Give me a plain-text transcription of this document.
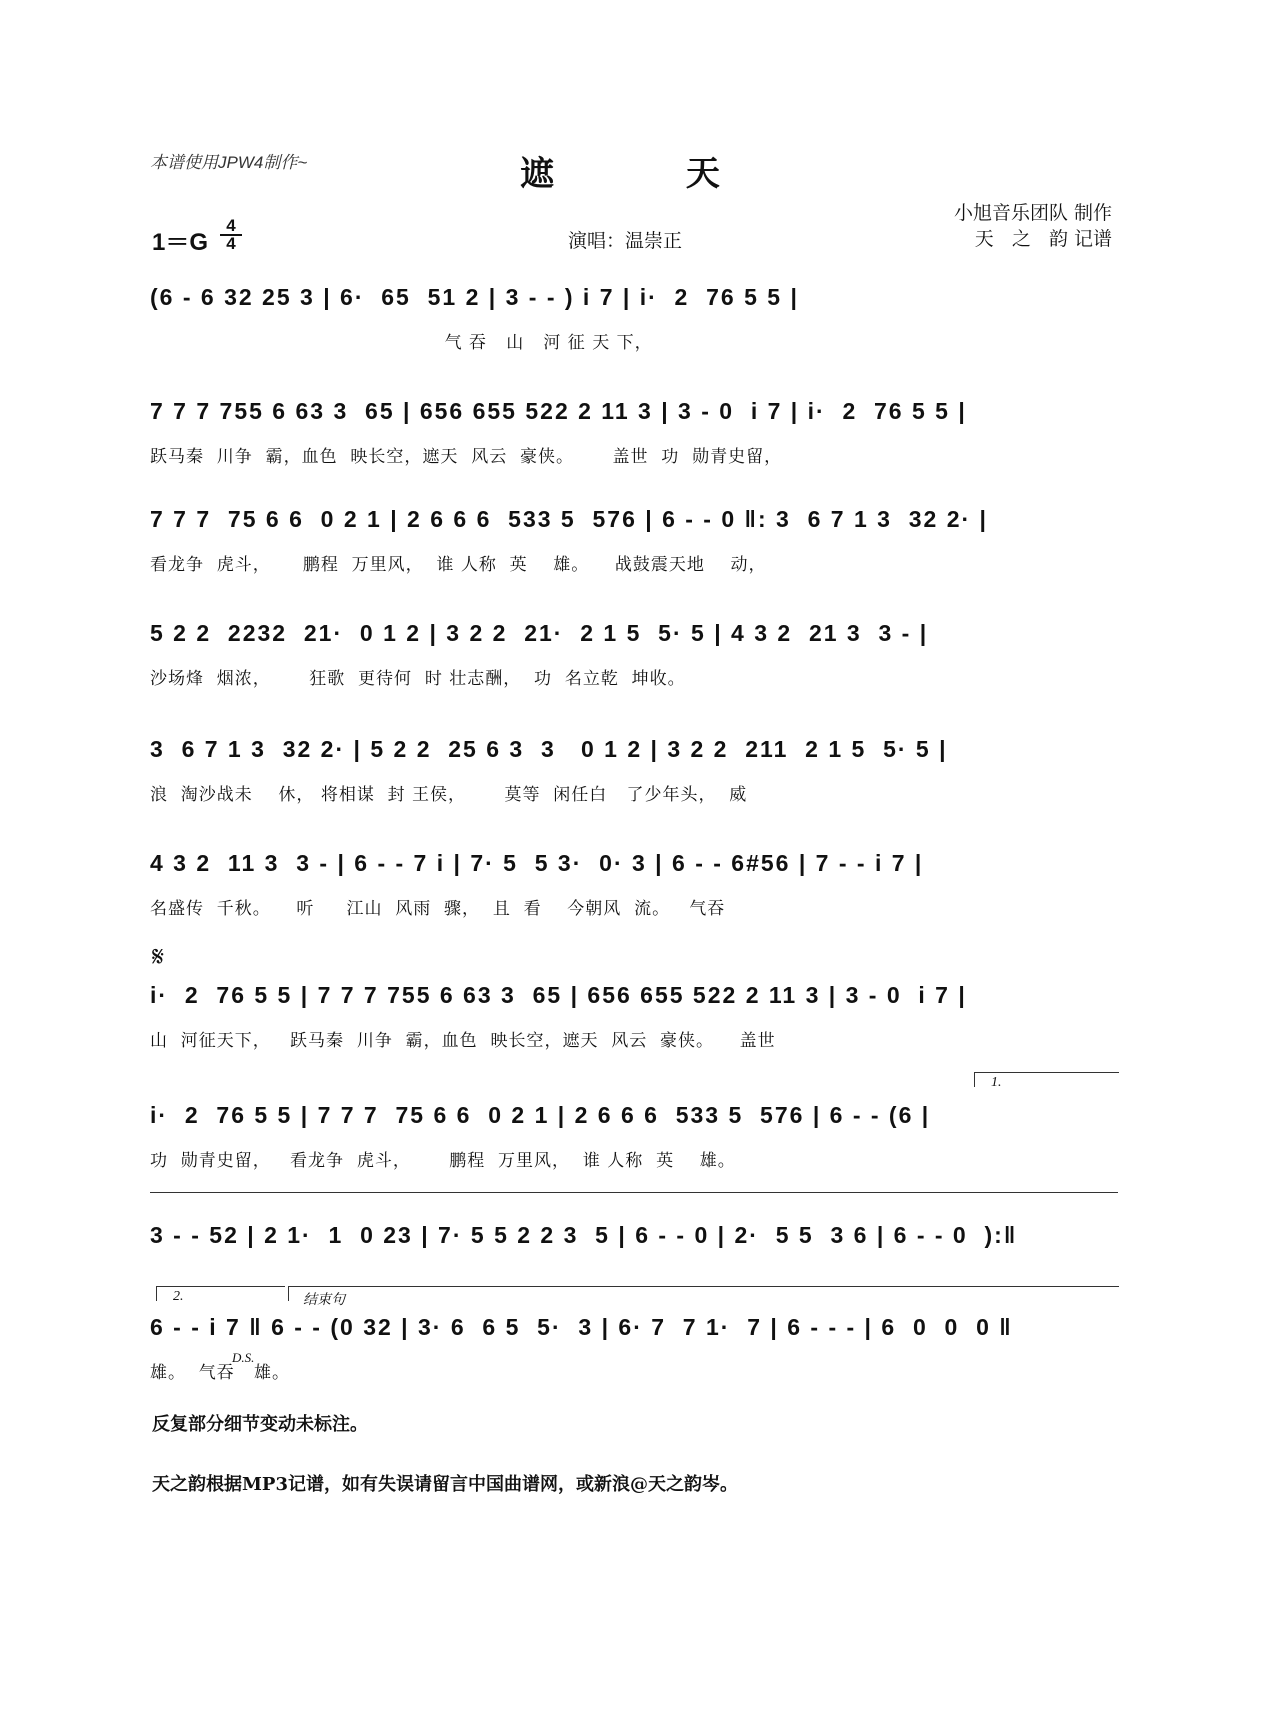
本谱使用JPW4制作~	遮 天
小旭音乐团队 制作
天   之   韵 记谱
$1=G \frac{4}{4}$	演唱：温崇正
(6 - 6 32 25 3 | 6·  65  51 2 | 3 - - ) i 7 | i·  2  76 5 5 |
气 吞   山   河 征 天 下，
7 7 7 755 6 63 3  65 | 656 655 522 2 11 3 | 3 - 0  i 7 | i·  2  76 5 5 |
跃马秦  川争  霸，血色  映长空，遮天  风云  豪侠。      盖世  功  勋青史留，
7 7 7  75 6 6  0 2 1 | 2 6 6 6  533 5  576 | 6 - - 0 ‖: 3  6 7 1 3  32 2· |
看龙争  虎斗，     鹏程  万里风，  谁 人称  英    雄。    战鼓震天地    动，
5 2 2  2232  21·  0 1 2 | 3 2 2  21·  2 1 5  5· 5 | 4 3 2  21 3  3 - |
沙场烽  烟浓，      狂歌  更待何  时 壮志酬，  功  名立乾  坤收。
3  6 7 1 3  32 2· | 5 2 2  25 6 3  3   0 1 2 | 3 2 2  211  2 1 5  5· 5 |
浪  淘沙战未    休， 将相谋  封 王侯，      莫等  闲任白   了少年头，  威
4 3 2  11 3  3 - | 6 - - 7 i | 7· 5  5 3·  0· 3 | 6 - - 6#56 | 7 - - i 7 |
名盛传  千秋。    听     江山  风雨  骤，  且  看    今朝风  流。   气吞
𝄋
i·  2  76 5 5 | 7 7 7 755 6 63 3  65 | 656 655 522 2 11 3 | 3 - 0  i 7 |
山  河征天下，   跃马秦  川争  霸，血色  映长空，遮天  风云  豪侠。    盖世
1.
i·  2  76 5 5 | 7 7 7  75 6 6  0 2 1 | 2 6 6 6  533 5  576 | 6 - - (6 |
功  勋青史留，   看龙争  虎斗，      鹏程  万里风，  谁 人称  英    雄。
3 - - 52 | 2 1·  1  0 23 | 7· 5 5 2 2 3  5 | 6 - - 0 | 2·  5 5  3 6 | 6 - - 0  ):‖
2.	结束句
6 - - i 7 ‖ 6 - - (0 32 | 3· 6  6 5  5·  3 | 6· 7  7 1·  7 | 6 - - - | 6  0  0  0 ‖
雄。  气吞   雄。
D.S.
反复部分细节变动未标注。
天之韵根据MP3记谱，如有失误请留言中国曲谱网，或新浪@天之韵岑。
